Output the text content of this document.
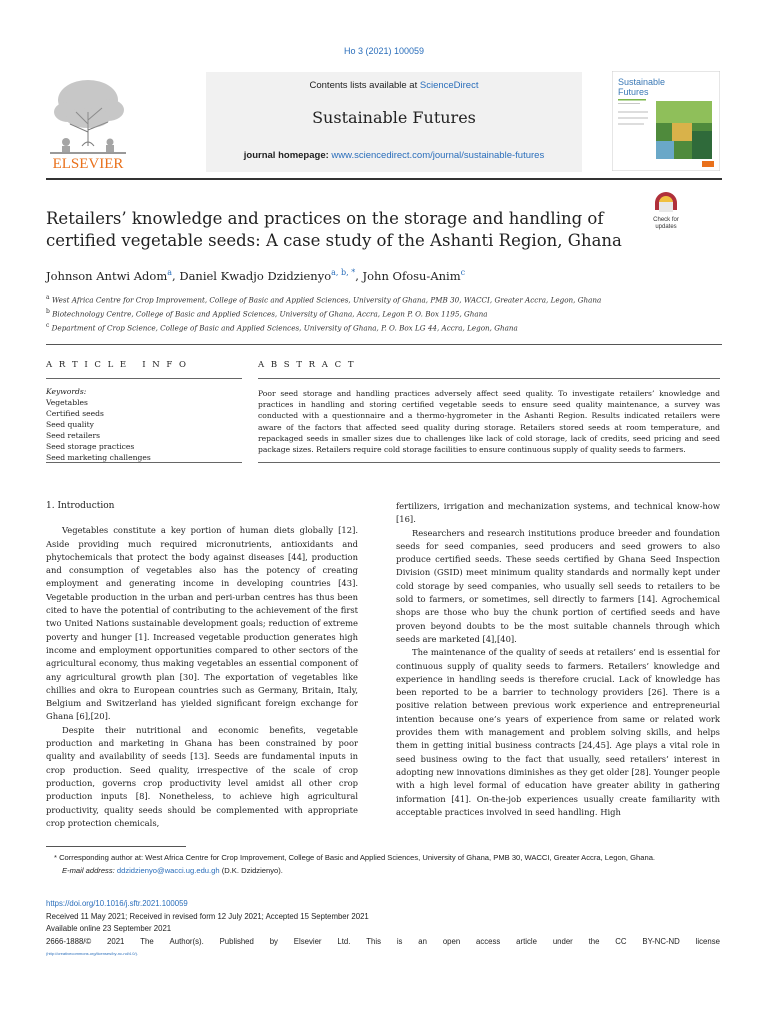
Ho 3 (2021) 100059
ELSEVIER
Contents lists available at ScienceDirect
Sustainable Futures
journal homepage: www.sciencedirect.com/journal/sustainable-futures
Sustainable
Futures
Check for
updates
Retailers’ knowledge and practices on the storage and handling of certified vegetable seeds: A case study of the Ashanti Region, Ghana
Johnson Antwi Adom$^a$, Daniel Kwadjo Dzidzienyo$^{a, b, *}$, John Ofosu-Anim$^c$
$^a$ West Africa Centre for Crop Improvement, College of Basic and Applied Sciences, University of Ghana, PMB 30, WACCI, Greater Accra, Legon, Ghana
$^b$ Biotechnology Centre, College of Basic and Applied Sciences, University of Ghana, Accra, Legon P. O. Box 1195, Ghana
$^c$ Department of Crop Science, College of Basic and Applied Sciences, University of Ghana, P. O. Box LG 44, Accra, Legon, Ghana
A R T I C L E   I N F O
Keywords:
Vegetables
Certified seeds
Seed quality
Seed retailers
Seed storage practices
Seed marketing challenges
A B S T R A C T
Poor seed storage and handling practices adversely affect seed quality. To investigate retailers’ knowledge and practices in handling and storing certified vegetable seeds to ensure seed quality maintenance, a survey was conducted with a questionnaire and a thermo-hygrometer in the Ashanti Region. Results indicated retailers were aware of the factors that affected seed quality during storage. Retailers stored seeds at room temperature, and repackaged seeds in smaller sizes due to challenges like lack of cold storage, lack of credits, seed pricing and seed package sizes. Retailers require cold storage facilities to ensure continuous supply of quality seeds to farmers.

1. Introduction

Vegetables constitute a key portion of human diets globally [12]. Aside providing much required micronutrients, antioxidants and phytochemicals that protect the body against diseases [44], production and consumption of vegetables also has the potency of creating employment and generating income in developing countries [43]. Vegetable production in the urban and peri-urban centres has thus been cited to have the potential of contributing to the achievement of the first two United Nations sustainable development goals; reduction of extreme poverty and hunger [1]. Increased vegetable production generates high income and employment opportunities compared to other sectors of the agricultural economy, thus making vegetables an essential component of any agricultural growth plan [30]. The exportation of vegetables like chillies and okra to European countries such as Germany, Britain, Italy, Belgium and Switzerland has yielded significant foreign exchange for Ghana [6],[20].

Despite their nutritional and economic benefits, vegetable production and marketing in Ghana has been constrained by poor quality and availability of seeds [13]. Seeds are fundamental inputs in crop production. Seed quality, irrespective of the scale of crop production, governs crop productivity level amidst all other crop production inputs [8]. Nonetheless, to achieve high agricultural productivity, quality seeds should be complemented with appropriate crop protection chemicals,

fertilizers, irrigation and mechanization systems, and technical know-how [16].

Researchers and research institutions produce breeder and foundation seeds for seed companies, seed producers and seed growers to also produce certified seeds. These seeds certified by Ghana Seed Inspection Division (GSID) meet minimum quality standards and normally kept under cold storage by seed companies, who usually sell seeds to retailers to be sold to farmers, or sometimes, sell directly to farmers [14]. Agrochemical shops are those who buy the chunk portion of certified seeds and have proven beyond doubts to be the most suitable channels through which seeds are marketed [4],[40].

The maintenance of the quality of seeds at retailers’ end is essential for continuous supply of quality seeds to farmers. Retailers’ knowledge and experience in handling seeds is therefore crucial. Lack of knowledge has been reported to be a barrier to technology providers [26]. There is a positive relation between previous work experience and entrepreneurial intention because one’s years of experience from same or related work provides them with management and problem solving skills, and helps them in getting initial business contracts [24,45]. Age plays a vital role in seed business owing to the fact that usually, seed retailers’ interest in adopting new innovations diminishes as they get older [28]. Younger people with a high level formal of education have greater ability in gathering information [41]. On-the-job experiences usually create familiarity with acceptable practices involved in seed handling. High

* Corresponding author at: West Africa Centre for Crop Improvement, College of Basic and Applied Sciences, University of Ghana, PMB 30, WACCI, Greater Accra, Legon, Ghana.
E-mail address: ddzidzienyo@wacci.ug.edu.gh (D.K. Dzidzienyo).
https://doi.org/10.1016/j.sftr.2021.100059
Received 11 May 2021; Received in revised form 12 July 2021; Accepted 15 September 2021
Available online 23 September 2021
2666-1888/© 2021 The Author(s). Published by Elsevier Ltd. This is an open access article under the CC BY-NC-ND license
(http://creativecommons.org/licenses/by-nc-nd/4.0/).
